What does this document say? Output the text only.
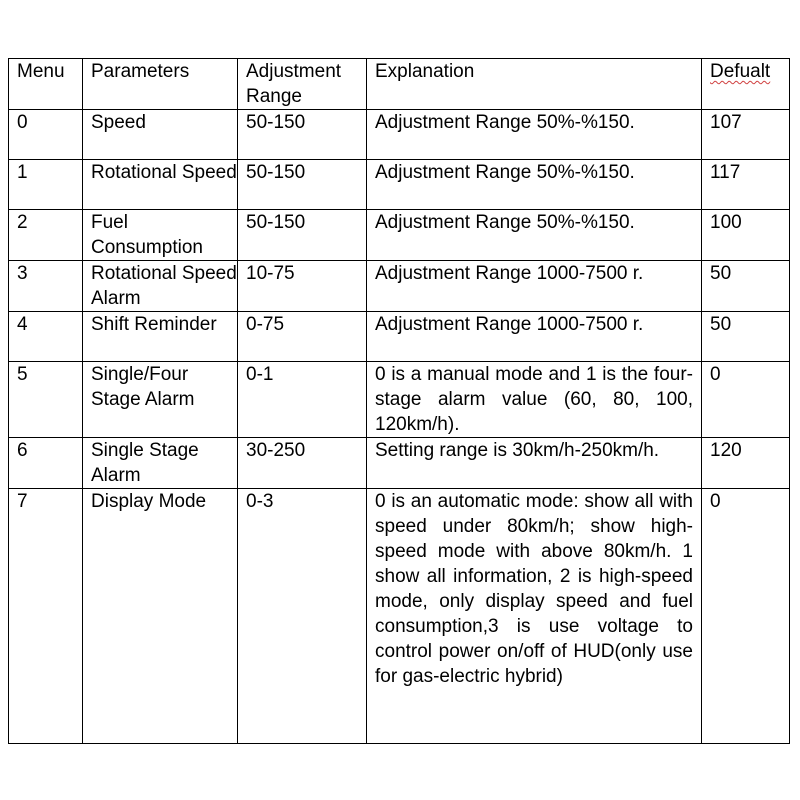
Menu	Parameters	Adjustment Range	Explanation	Defualt
0	Speed	50-150	Adjustment Range 50%-%150.	107
1	Rotational Speed	50-150	Adjustment Range 50%-%150.	117
2	Fuel Consumption	50-150	Adjustment Range 50%-%150.	100
3	Rotational Speed Alarm	10-75	Adjustment Range 1000-7500 r.	50
4	Shift Reminder	0-75	Adjustment Range 1000-7500 r.	50
5	Single/Four Stage Alarm	0-1	0 is a manual mode and 1 is the four-stage alarm value (60, 80, 100, 120km/h).	0
6	Single Stage Alarm	30-250	Setting range is 30km/h-250km/h.	120
7	Display Mode	0-3	0 is an automatic mode: show all with speed under 80km/h; show high-speed mode with above 80km/h. 1 show all information, 2 is high-speed mode, only display speed and fuel consumption,3 is use voltage to control power on/off of HUD(only use for gas-electric hybrid)	0
